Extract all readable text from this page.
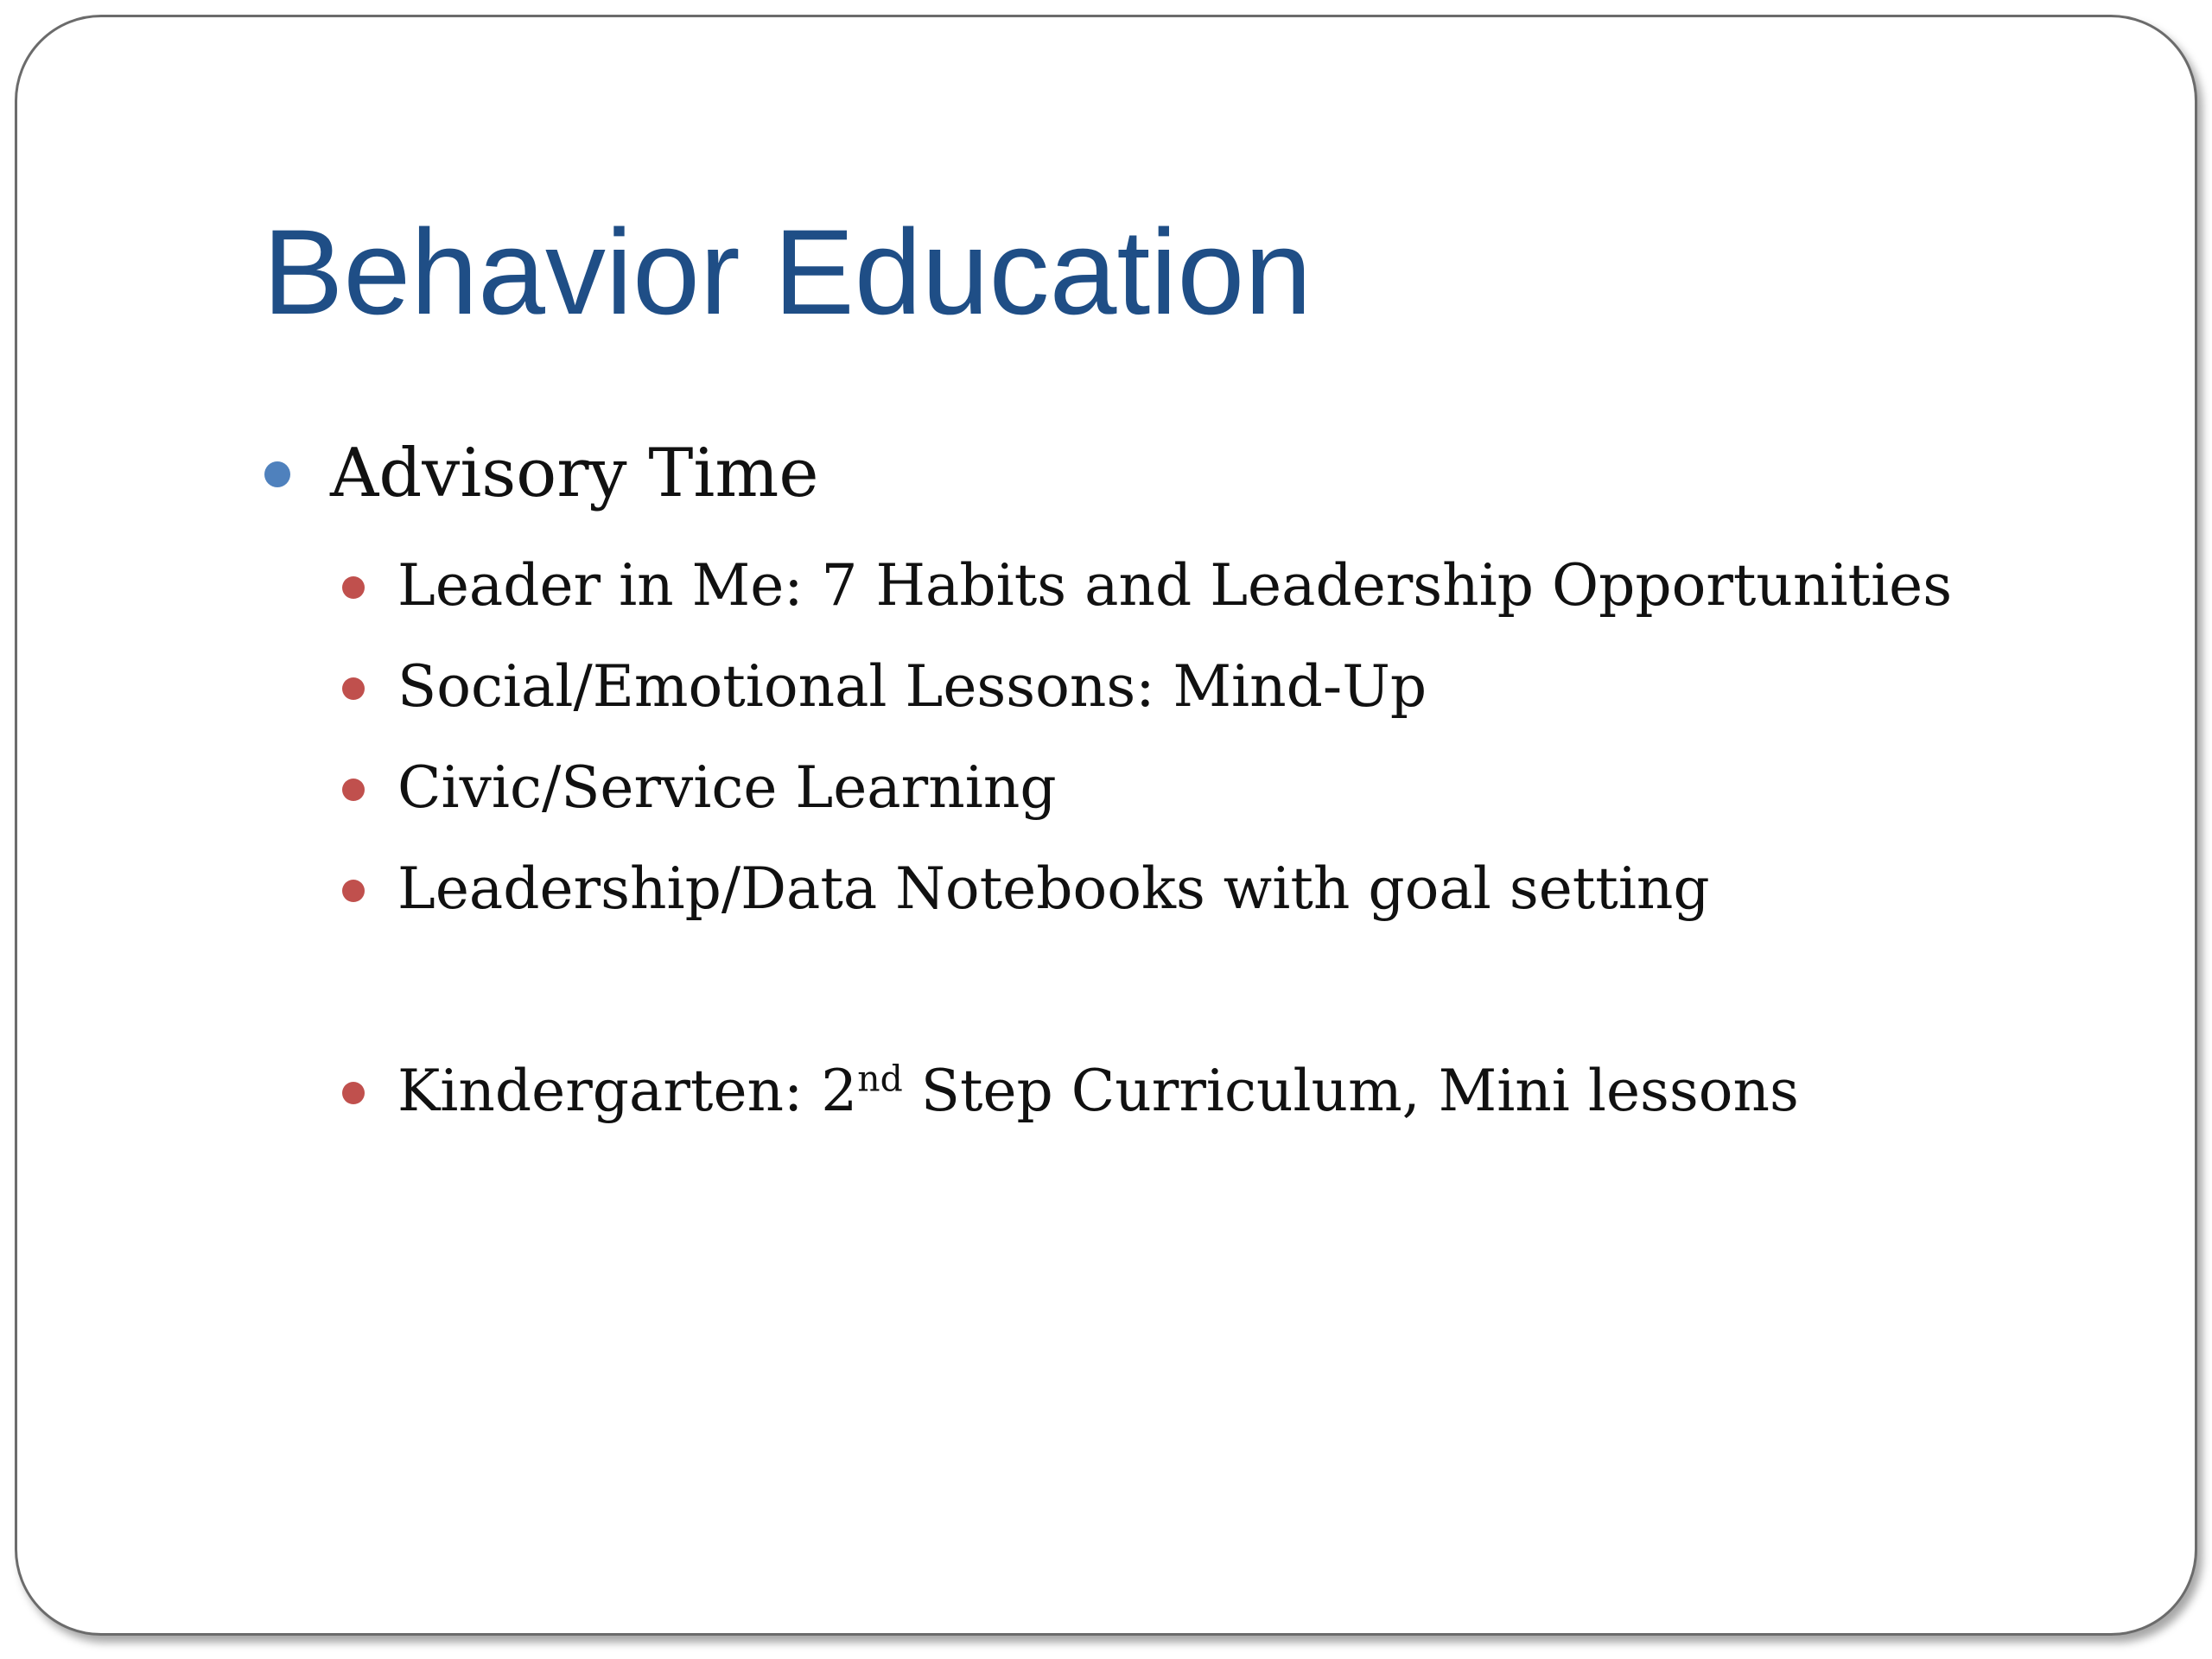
Behavior Education
Advisory Time
Leader in Me: 7 Habits and Leadership Opportunities
Social/Emotional Lessons: Mind-Up
Civic/Service Learning
Leadership/Data Notebooks with goal setting
Kindergarten: 2nd Step Curriculum, Mini lessons
